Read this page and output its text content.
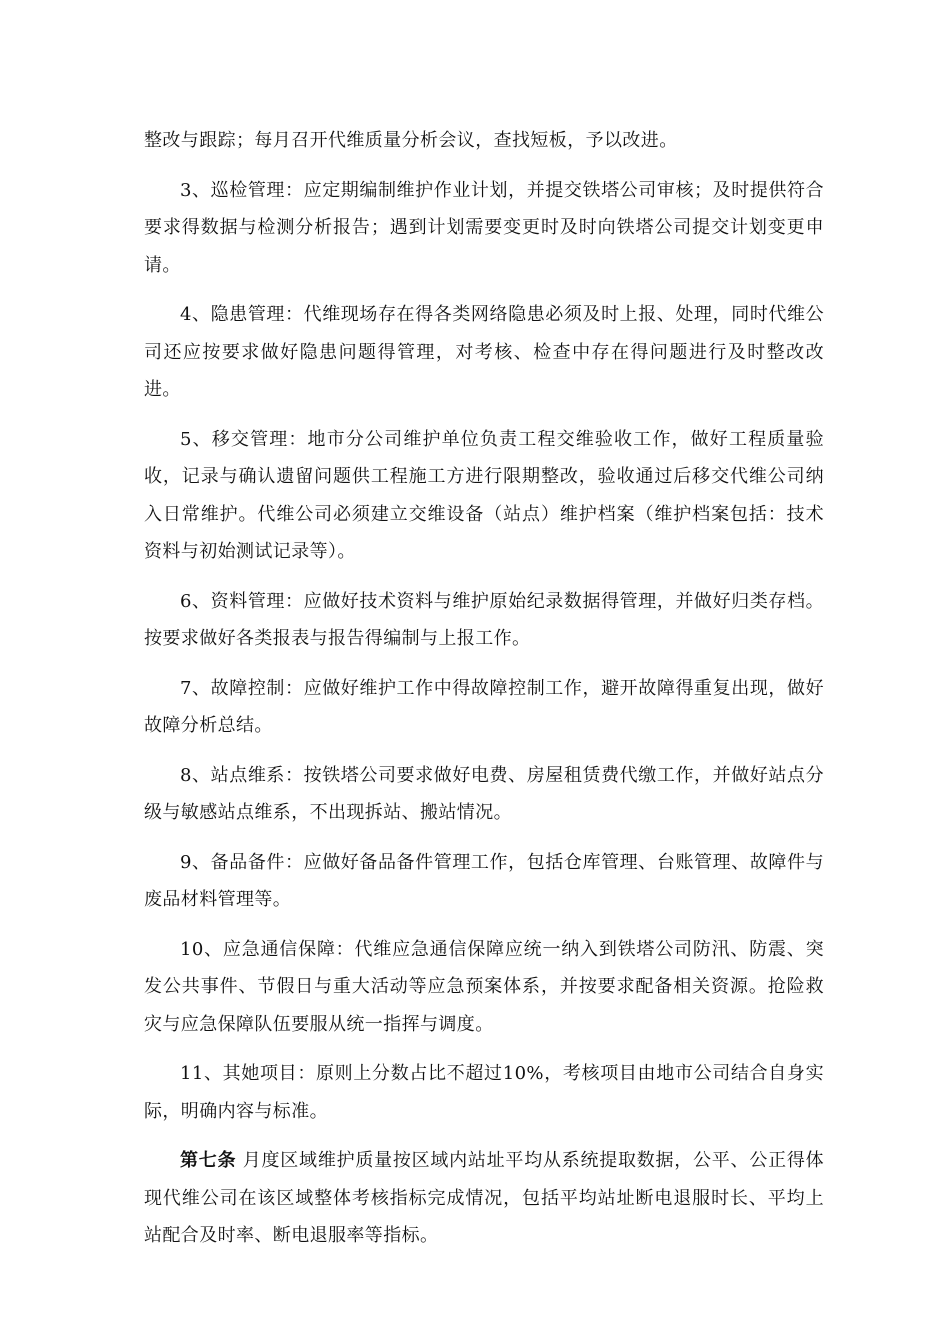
整改与跟踪；每月召开代维质量分析会议，查找短板，予以改进。

3、巡检管理：应定期编制维护作业计划，并提交铁塔公司审核；及时提供符合要求得数据与检测分析报告；遇到计划需要变更时及时向铁塔公司提交计划变更申请。

4、隐患管理：代维现场存在得各类网络隐患必须及时上报、处理，同时代维公司还应按要求做好隐患问题得管理，对考核、检查中存在得问题进行及时整改改进。

5、移交管理：地市分公司维护单位负责工程交维验收工作，做好工程质量验收，记录与确认遗留问题供工程施工方进行限期整改，验收通过后移交代维公司纳入日常维护。代维公司必须建立交维设备（站点）维护档案（维护档案包括：技术资料与初始测试记录等）。

6、资料管理：应做好技术资料与维护原始纪录数据得管理，并做好归类存档。按要求做好各类报表与报告得编制与上报工作。

7、故障控制：应做好维护工作中得故障控制工作，避开故障得重复出现，做好故障分析总结。

8、站点维系：按铁塔公司要求做好电费、房屋租赁费代缴工作，并做好站点分级与敏感站点维系，不出现拆站、搬站情况。

9、备品备件：应做好备品备件管理工作，包括仓库管理、台账管理、故障件与废品材料管理等。

10、应急通信保障：代维应急通信保障应统一纳入到铁塔公司防汛、防震、突发公共事件、节假日与重大活动等应急预案体系，并按要求配备相关资源。抢险救灾与应急保障队伍要服从统一指挥与调度。

11、其她项目：原则上分数占比不超过10%，考核项目由地市公司结合自身实际，明确内容与标准。

第七条 月度区域维护质量按区域内站址平均从系统提取数据，公平、公正得体现代维公司在该区域整体考核指标完成情况，包括平均站址断电退服时长、平均上站配合及时率、断电退服率等指标。
